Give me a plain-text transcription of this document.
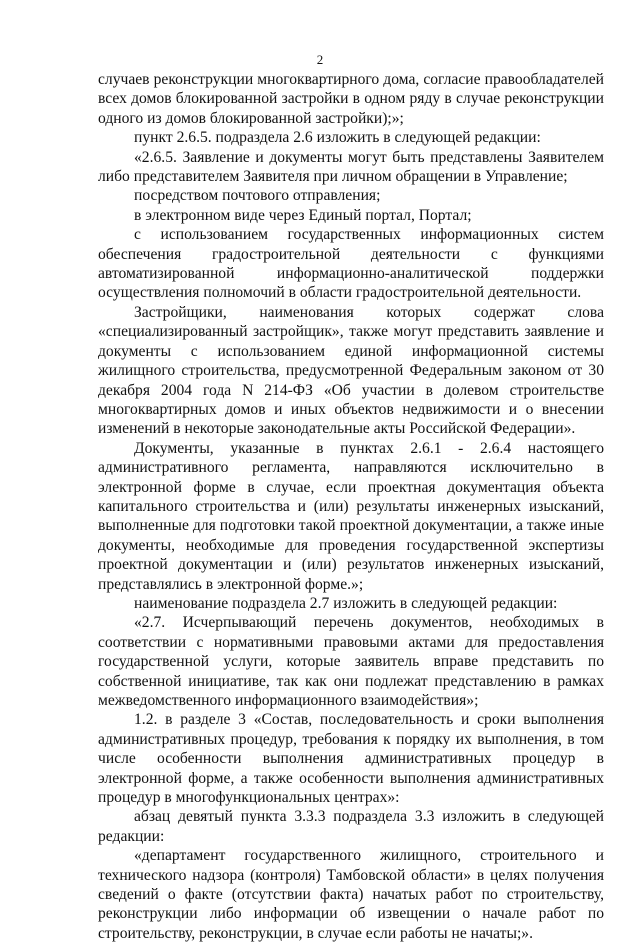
2

случаев реконструкции многоквартирного дома, согласие правообладателей всех домов блокированной застройки в одном ряду в случае реконструкции одного из домов блокированной застройки);»;

пункт 2.6.5. подраздела 2.6 изложить в следующей редакции:

«2.6.5. Заявление и документы могут быть представлены Заявителем либо представителем Заявителя при личном обращении в Управление;

посредством почтового отправления;

в электронном виде через Единый портал, Портал;

с использованием государственных информационных систем обеспечения градостроительной деятельности с функциями автоматизированной информационно-аналитической поддержки осуществления полномочий в области градостроительной деятельности.

Застройщики, наименования которых содержат слова «специализированный застройщик», также могут представить заявление и документы с использованием единой информационной системы жилищного строительства, предусмотренной Федеральным законом от 30 декабря 2004 года N 214-ФЗ «Об участии в долевом строительстве многоквартирных домов и иных объектов недвижимости и о внесении изменений в некоторые законодательные акты Российской Федерации».

Документы, указанные в пунктах 2.6.1 - 2.6.4 настоящего административного регламента, направляются исключительно в электронной форме в случае, если проектная документация объекта капитального строительства и (или) результаты инженерных изысканий, выполненные для подготовки такой проектной документации, а также иные документы, необходимые для проведения государственной экспертизы проектной документации и (или) результатов инженерных изысканий, представлялись в электронной форме.»;

наименование подраздела 2.7 изложить в следующей редакции:

«2.7. Исчерпывающий перечень документов, необходимых в соответствии с нормативными правовыми актами для предоставления государственной услуги, которые заявитель вправе представить по собственной инициативе, так как они подлежат представлению в рамках межведомственного информационного взаимодействия»;

1.2. в разделе 3 «Состав, последовательность и сроки выполнения административных процедур, требования к порядку их выполнения, в том числе особенности выполнения административных процедур в электронной форме, а также особенности выполнения административных процедур в многофункциональных центрах»:

абзац девятый пункта 3.3.3 подраздела 3.3 изложить в следующей редакции:

«департамент государственного жилищного, строительного и технического надзора (контроля) Тамбовской области» в целях получения сведений о факте (отсутствии факта) начатых работ по строительству, реконструкции либо информации об извещении о начале работ по строительству, реконструкции, в случае если работы не начаты;».
